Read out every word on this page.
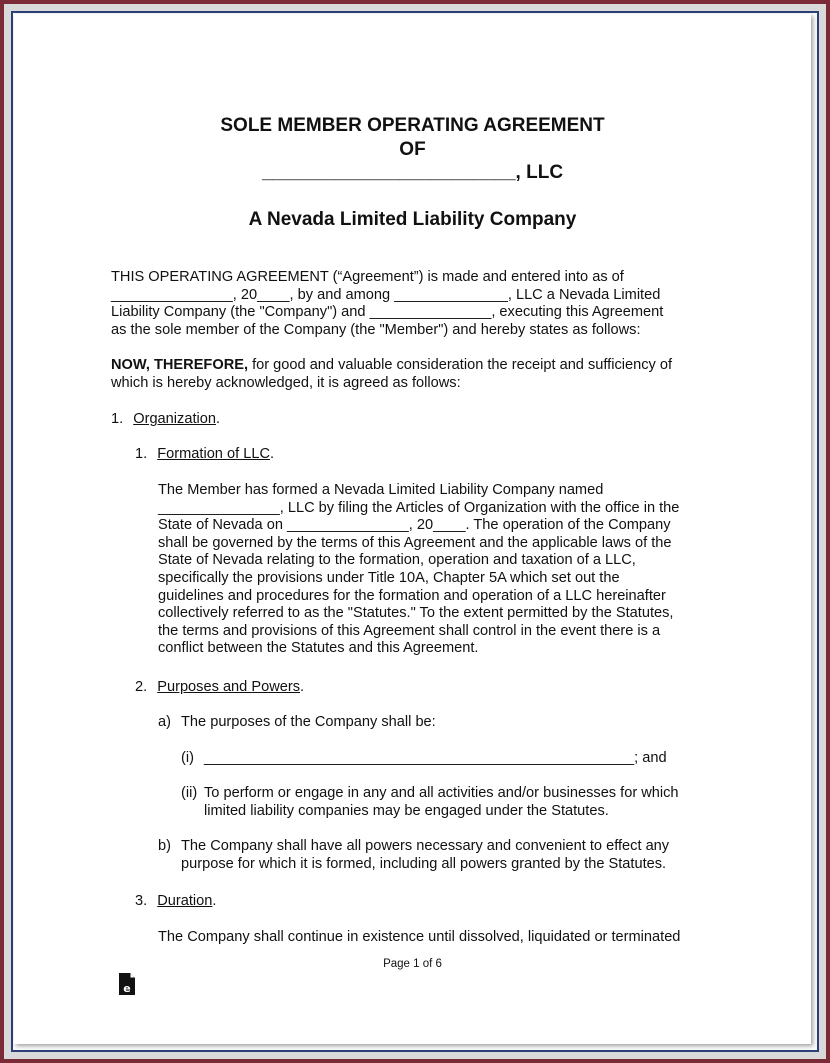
SOLE MEMBER OPERATING AGREEMENT
OF
________________________, LLC
A Nevada Limited Liability Company
THIS OPERATING AGREEMENT (“Agreement”) is made and entered into as of
_______________, 20____, by and among ______________, LLC a Nevada Limited
Liability Company (the "Company") and _______________, executing this Agreement
as the sole member of the Company (the "Member") and hereby states as follows:
NOW, THEREFORE, for good and valuable consideration the receipt and sufficiency of
which is hereby acknowledged, it is agreed as follows:
1. Organization.
1. Formation of LLC.
The Member has formed a Nevada Limited Liability Company named
_______________, LLC by filing the Articles of Organization with the office in the
State of Nevada on _______________, 20____. The operation of the Company
shall be governed by the terms of this Agreement and the applicable laws of the
State of Nevada relating to the formation, operation and taxation of a LLC,
specifically the provisions under Title 10A, Chapter 5A which set out the
guidelines and procedures for the formation and operation of a LLC hereinafter
collectively referred to as the "Statutes." To the extent permitted by the Statutes,
the terms and provisions of this Agreement shall control in the event there is a
conflict between the Statutes and this Agreement.
2. Purposes and Powers.
a) The purposes of the Company shall be:
(i) _____________________________________________________; and
(ii) To perform or engage in any and all activities and/or businesses for which
limited liability companies may be engaged under the Statutes.
b) The Company shall have all powers necessary and convenient to effect any
purpose for which it is formed, including all powers granted by the Statutes.
3. Duration.
The Company shall continue in existence until dissolved, liquidated or terminated
Page 1 of 6
e
